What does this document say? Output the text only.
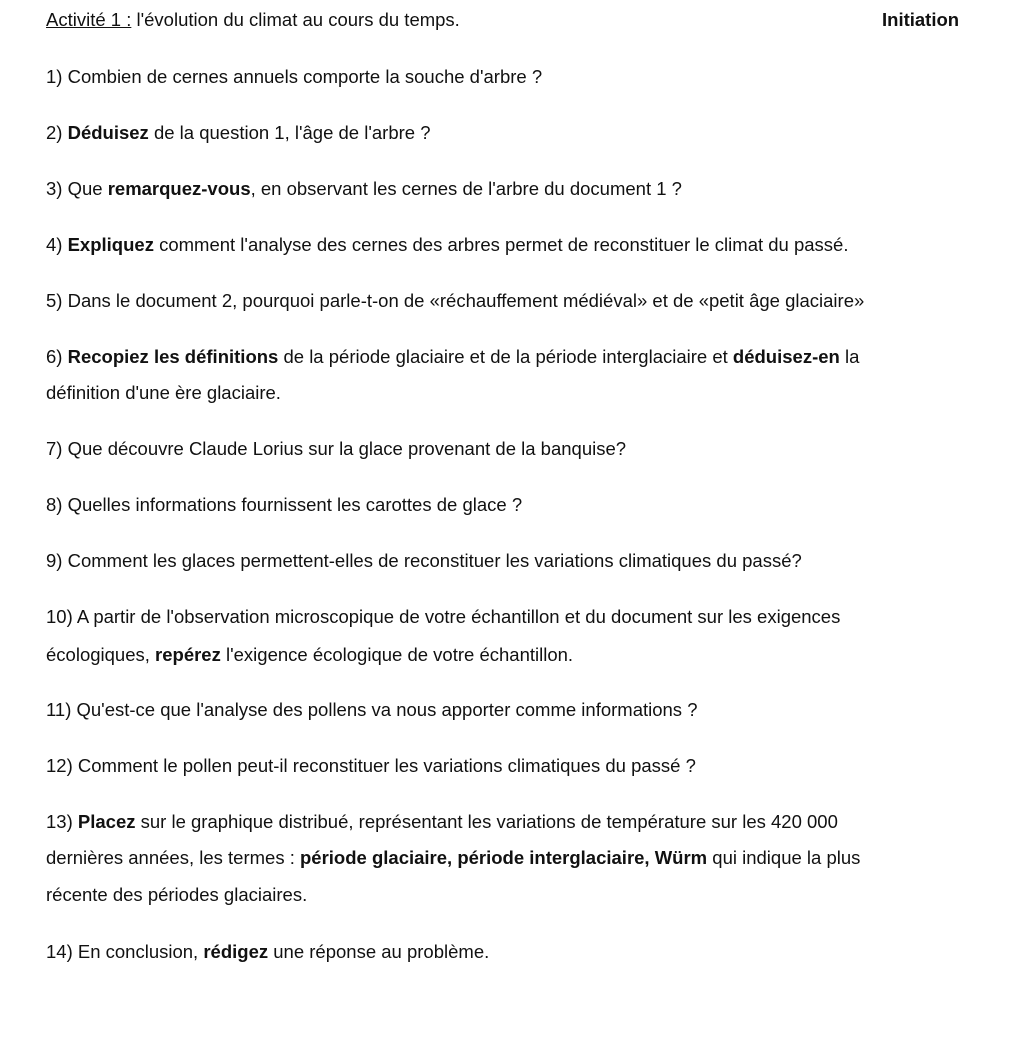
Activité 1 : l'évolution du climat au cours du temps.	Initiation
1) Combien de cernes annuels comporte la souche d'arbre ?
2) Déduisez de la question 1, l'âge de l'arbre ?
3) Que remarquez-vous, en observant les cernes de l'arbre du document 1 ?
4) Expliquez comment l'analyse des cernes des arbres permet de reconstituer le climat du passé.
5) Dans le document 2, pourquoi parle-t-on de «réchauffement médiéval» et de «petit âge glaciaire»
6) Recopiez les définitions de la période glaciaire et de la période interglaciaire et déduisez-en la
définition d'une ère glaciaire.
7) Que découvre Claude Lorius sur la glace provenant de la banquise?
8) Quelles informations fournissent les carottes de glace ?
9) Comment les glaces permettent-elles de reconstituer les variations climatiques du passé?
10) A partir de l'observation microscopique de votre échantillon et du document sur les exigences
écologiques, repérez l'exigence écologique de votre échantillon.
11) Qu'est-ce que l'analyse des pollens va nous apporter comme informations ?
12) Comment le pollen peut-il reconstituer les variations climatiques du passé ?
13) Placez sur le graphique distribué, représentant les variations de température sur les 420 000
dernières années, les termes : période glaciaire, période interglaciaire, Würm qui indique la plus
récente des périodes glaciaires.
14) En conclusion, rédigez une réponse au problème.
